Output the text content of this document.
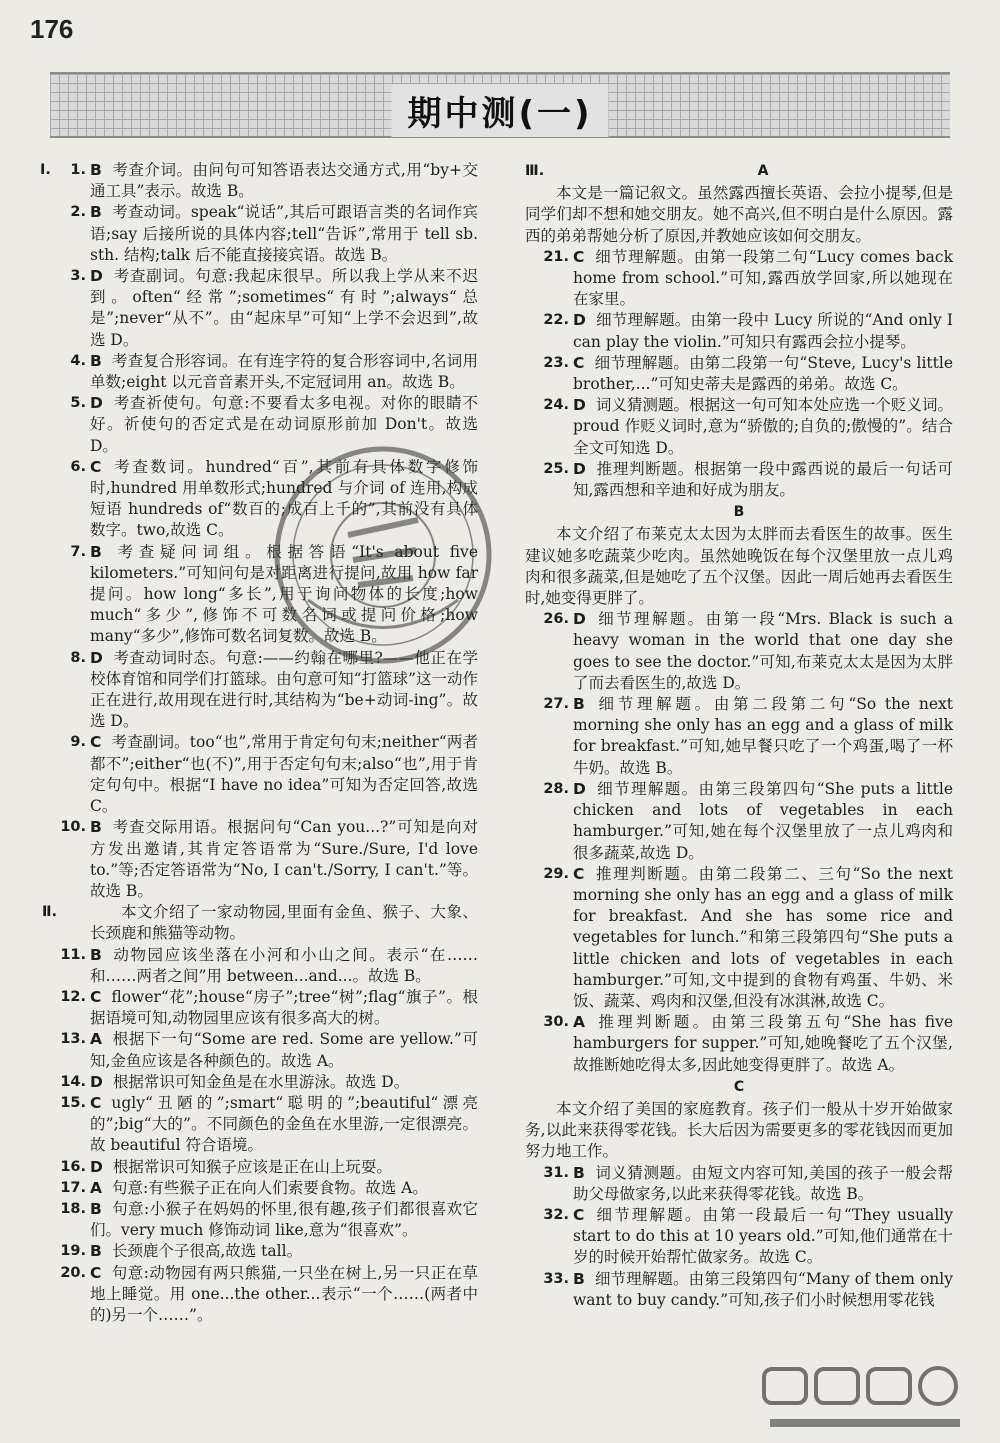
176
期中测(一)
Ⅰ. 1. B 考查介词。由问句可知答语表达交通方式,用“by+交通工具”表示。故选 B。
2. B 考查动词。speak“说话”,其后可跟语言类的名词作宾语;say 后接所说的具体内容;tell“告诉”,常用于 tell sb. sth. 结构;talk 后不能直接接宾语。故选 B。
3. D 考查副词。句意:我起床很早。所以我上学从来不迟到。often“经常”;sometimes“有时”;always“总是”;never“从不”。由“起床早”可知“上学不会迟到”,故选 D。
4. B 考查复合形容词。在有连字符的复合形容词中,名词用单数;eight 以元音音素开头,不定冠词用 an。故选 B。
5. D 考查祈使句。句意:不要看太多电视。对你的眼睛不好。祈使句的否定式是在动词原形前加 Don't。故选 D。
6. C 考查数词。hundred“百”,其前有具体数字修饰时,hundred 用单数形式;hundred 与介词 of 连用,构成短语 hundreds of“数百的;成百上千的”,其前没有具体数字。two,故选 C。
7. B 考查疑问词组。根据答语“It's about five kilometers.”可知问句是对距离进行提问,故用 how far 提问。how long“多长”,用于询问物体的长度;how much“多少”,修饰不可数名词或提问价格;how many“多少”,修饰可数名词复数。故选 B。
8. D 考查动词时态。句意:——约翰在哪里?——他正在学校体育馆和同学们打篮球。由句意可知“打篮球”这一动作正在进行,故用现在进行时,其结构为“be+动词-ing”。故选 D。
9. C 考查副词。too“也”,常用于肯定句句末;neither“两者都不”;either“也(不)”,用于否定句句末;also“也”,用于肯定句句中。根据“I have no idea”可知为否定回答,故选 C。
10. B 考查交际用语。根据问句“Can you...?”可知是向对方发出邀请,其肯定答语常为“Sure./Sure, I'd love to.”等;否定答语常为“No, I can't./Sorry, I can't.”等。故选 B。
Ⅱ.	本文介绍了一家动物园,里面有金鱼、猴子、大象、长颈鹿和熊猫等动物。

11. B 动物园应该坐落在小河和小山之间。表示“在……和……两者之间”用 between...and...。故选 B。
12. C flower“花”;house“房子”;tree“树”;flag“旗子”。根据语境可知,动物园里应该有很多高大的树。
13. A 根据下一句“Some are red. Some are yellow.”可知,金鱼应该是各种颜色的。故选 A。
14. D 根据常识可知金鱼是在水里游泳。故选 D。
15. C ugly“丑陋的”;smart“聪明的”;beautiful“漂亮的”;big“大的”。不同颜色的金鱼在水里游,一定很漂亮。故 beautiful 符合语境。
16. D 根据常识可知猴子应该是正在山上玩耍。
17. A 句意:有些猴子正在向人们索要食物。故选 A。
18. B 句意:小猴子在妈妈的怀里,很有趣,孩子们都很喜欢它们。very much 修饰动词 like,意为“很喜欢”。
19. B 长颈鹿个子很高,故选 tall。
20. C 句意:动物园有两只熊猫,一只坐在树上,另一只正在草地上睡觉。用 one...the other...表示“一个……(两者中的)另一个……”。
Ⅲ.	A

本文是一篇记叙文。虽然露西擅长英语、会拉小提琴,但是同学们却不想和她交朋友。她不高兴,但不明白是什么原因。露西的弟弟帮她分析了原因,并教她应该如何交朋友。

21. C 细节理解题。由第一段第二句“Lucy comes back home from school.”可知,露西放学回家,所以她现在在家里。
22. D 细节理解题。由第一段中 Lucy 所说的“And only I can play the violin.”可知只有露西会拉小提琴。
23. C 细节理解题。由第二段第一句“Steve, Lucy's little brother,...”可知史蒂夫是露西的弟弟。故选 C。
24. D 词义猜测题。根据这一句可知本处应选一个贬义词。proud 作贬义词时,意为“骄傲的;自负的;傲慢的”。结合全文可知选 D。
25. D 推理判断题。根据第一段中露西说的最后一句话可知,露西想和辛迪和好成为朋友。
B

本文介绍了布莱克太太因为太胖而去看医生的故事。医生建议她多吃蔬菜少吃肉。虽然她晚饭在每个汉堡里放一点儿鸡肉和很多蔬菜,但是她吃了五个汉堡。因此一周后她再去看医生时,她变得更胖了。

26. D 细节理解题。由第一段“Mrs. Black is such a heavy woman in the world that one day she goes to see the doctor.”可知,布莱克太太是因为太胖了而去看医生的,故选 D。
27. B 细节理解题。由第二段第二句“So the next morning she only has an egg and a glass of milk for breakfast.”可知,她早餐只吃了一个鸡蛋,喝了一杯牛奶。故选 B。
28. D 细节理解题。由第三段第四句“She puts a little chicken and lots of vegetables in each hamburger.”可知,她在每个汉堡里放了一点儿鸡肉和很多蔬菜,故选 D。
29. C 推理判断题。由第二段第二、三句“So the next morning she only has an egg and a glass of milk for breakfast. And she has some rice and vegetables for lunch.”和第三段第四句“She puts a little chicken and lots of vegetables in each hamburger.”可知,文中提到的食物有鸡蛋、牛奶、米饭、蔬菜、鸡肉和汉堡,但没有冰淇淋,故选 C。
30. A 推理判断题。由第三段第五句“She has five hamburgers for supper.”可知,她晚餐吃了五个汉堡,故推断她吃得太多,因此她变得更胖了。故选 A。
C

本文介绍了美国的家庭教育。孩子们一般从十岁开始做家务,以此来获得零花钱。长大后因为需要更多的零花钱因而更加努力地工作。

31. B 词义猜测题。由短文内容可知,美国的孩子一般会帮助父母做家务,以此来获得零花钱。故选 B。
32. C 细节理解题。由第一段最后一句“They usually start to do this at 10 years old.”可知,他们通常在十岁的时候开始帮忙做家务。故选 C。
33. B 细节理解题。由第三段第四句“Many of them only want to buy candy.”可知,孩子们小时候想用零花钱
